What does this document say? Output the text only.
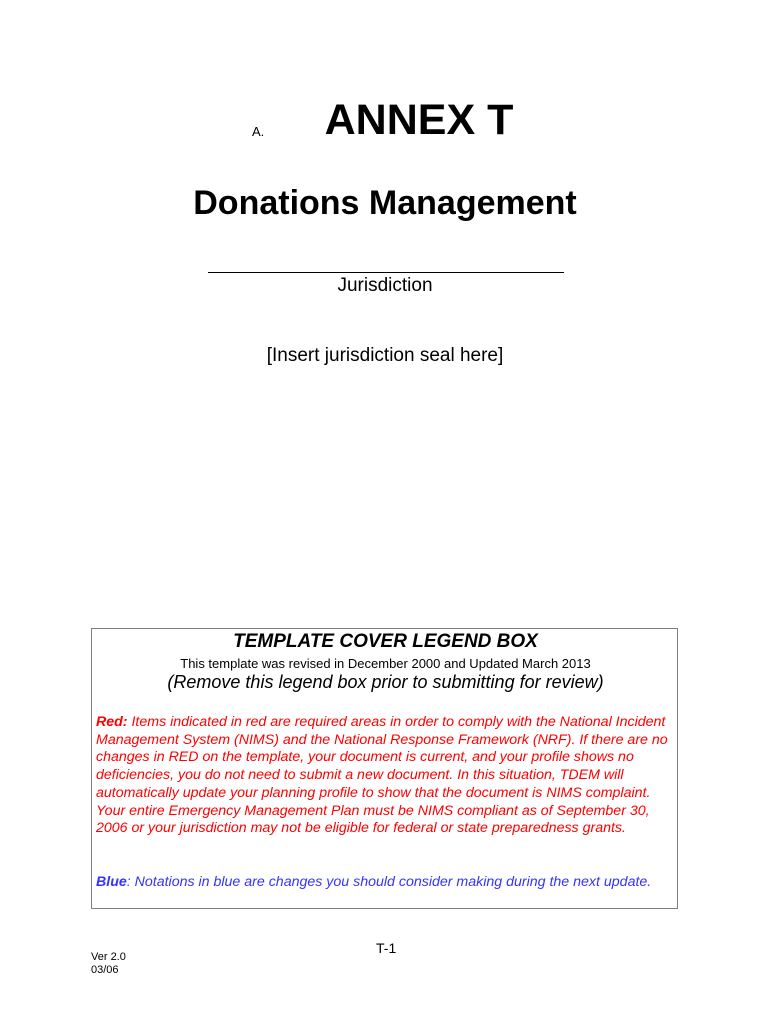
A.	ANNEX T
Donations Management
Jurisdiction
[Insert jurisdiction seal here]
TEMPLATE COVER LEGEND BOX
This template was revised in December 2000 and Updated March 2013
(Remove this legend box prior to submitting for review)
Red: Items indicated in red are required areas in order to comply with the National Incident Management System (NIMS) and the National Response Framework (NRF). If there are no changes in RED on the template, your document is current, and your profile shows no deficiencies, you do not need to submit a new document. In this situation, TDEM will automatically update your planning profile to show that the document is NIMS complaint. Your entire Emergency Management Plan must be NIMS compliant as of September 30, 2006 or your jurisdiction may not be eligible for federal or state preparedness grants.
Blue: Notations in blue are changes you should consider making during the next update.
T-1
Ver 2.0
03/06
